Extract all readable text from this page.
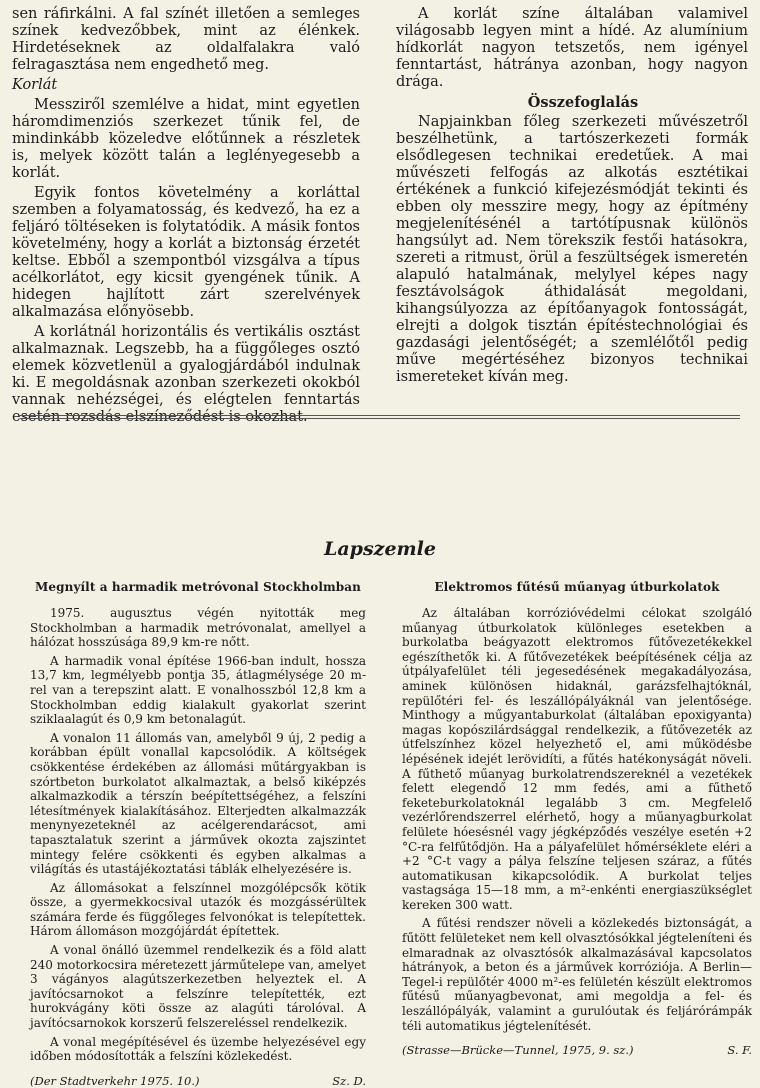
sen ráfirkálni. A fal színét illetően a semleges színek kedvezőbbek, mint az élénkek. Hirdetéseknek az oldalfalakra való felragasztása nem engedhető meg.

Korlát

Messziről szemlélve a hidat, mint egyetlen háromdimenziós szerkezet tűnik fel, de mindinkább közeledve előtűnnek a részletek is, melyek között talán a leglényegesebb a korlát.

Egyik fontos követelmény a korláttal szemben a folyamatosság, és kedvező, ha ez a feljáró töltéseken is folytatódik. A másik fontos követelmény, hogy a korlát a biztonság érzetét keltse. Ebből a szempontból vizsgálva a típus acélkorlátot, egy kicsit gyengének tűnik. A hidegen hajlított zárt szerelvények alkalmazása előnyösebb.

A korlátnál horizontális és vertikális osztást alkalmaznak. Legszebb, ha a függőleges osztó elemek közvetlenül a gyalogjárdából indulnak ki. E megoldásnak azonban szerkezeti okokból vannak nehézségei, és elégtelen fenntartás esetén rozsdás elszíneződést is okozhat.

A korlát színe általában valamivel világosabb legyen mint a hídé. Az alumínium hídkorlát nagyon tetszetős, nem igényel fenntartást, hátránya azonban, hogy nagyon drága.

Összefoglalás

Napjainkban főleg szerkezeti művészetről beszélhetünk, a tartószerkezeti formák elsődlegesen technikai eredetűek. A mai művészeti felfogás az alkotás esztétikai értékének a funkció kifejezésmódját tekinti és ebben oly messzire megy, hogy az építmény megjelenítésénél a tartótípusnak különös hangsúlyt ad. Nem törekszik festői hatásokra, szereti a ritmust, örül a feszültségek ismeretén alapuló hatalmának, melylyel képes nagy fesztávolságok áthidalását megoldani, kihangsúlyozza az építőanyagok fontosságát, elrejti a dolgok tisztán építéstechnológiai és gazdasági jelentőségét; a szemlélőtől pedig műve megértéséhez bizonyos technikai ismereteket kíván meg.

Lapszemle
Megnyílt a harmadik metróvonal Stockholmban

1975. augusztus végén nyitották meg Stockholmban a harmadik metróvonalat, amellyel a hálózat hosszúsága 89,9 km-re nőtt.

A harmadik vonal építése 1966-ban indult, hossza 13,7 km, legmélyebb pontja 35, átlagmélysége 20 m-rel van a terepszint alatt. E vonalhosszból 12,8 km a Stockholmban eddig kialakult gyakorlat szerint sziklaalagút és 0,9 km betonalagút.

A vonalon 11 állomás van, amelyből 9 új, 2 pedig a korábban épült vonallal kapcsolódik. A költségek csökkentése érdekében az állomási műtárgyakban is szórtbeton burkolatot alkalmaztak, a belső kiképzés alkalmazkodik a térszín beépítettségéhez, a felszíni létesítmények kialakításához. Elterjedten alkalmazzák menynyezeteknél az acélgerendarácsot, ami tapasztalatuk szerint a járművek okozta zajszintet mintegy felére csökkenti és egyben alkalmas a világítás és utastájékoztatási táblák elhelyezésére is.

Az állomásokat a felszínnel mozgólépcsők kötik össze, a gyermekkocsival utazók és mozgássérültek számára ferde és függőleges felvonókat is telepítettek. Három állomáson mozgójárdát építettek.

A vonal önálló üzemmel rendelkezik és a föld alatt 240 motorkocsira méretezett járműtelepe van, amelyet 3 vágányos alagútszerkezetben helyeztek el. A javítócsarnokot a felszínre telepítették, ezt hurokvágány köti össze az alagúti tárolóval. A javítócsarnokok korszerű felszereléssel rendelkezik.

A vonal megépítésével és üzembe helyezésével egy időben módosították a felszíni közlekedést.

(Der Stadtverkehr 1975. 10.)	Sz. D.
Elektromos fűtésű műanyag útburkolatok

Az általában korrózióvédelmi célokat szolgáló műanyag útburkolatok különleges esetekben a burkolatba beágyazott elektromos fűtővezetékekkel egészíthetők ki. A fűtővezetékek beépítésének célja az útpályafelület téli jegesedésének megakadályozása, aminek különösen hidaknál, garázsfelhajtóknál, repülőtéri fel- és leszállópályáknál van jelentősége. Minthogy a műgyantaburkolat (általában epoxigyanta) magas kopószilárdsággal rendelkezik, a fűtővezeték az útfelszínhez közel helyezhető el, ami működésbe lépésének idejét lerövidíti, a fűtés hatékonyságát növeli. A fűthető műanyag burkolatrendszereknél a vezetékek felett elegendő 12 mm fedés, ami a fűthető feketeburkolatoknál legalább 3 cm. Megfelelő vezérlőrendszerrel elérhető, hogy a műanyagburkolat felülete hóesésnél vagy jégképződés veszélye esetén +2 °C-ra felfűtődjön. Ha a pályafelület hőmérséklete eléri a +2 °C-t vagy a pálya felszíne teljesen száraz, a fűtés automatikusan kikapcsolódik. A burkolat teljes vastagsága 15—18 mm, a m²-enkénti energiaszükséglet kereken 300 watt.

A fűtési rendszer növeli a közlekedés biztonságát, a fűtött felületeket nem kell olvasztósókkal jégteleníteni és elmaradnak az olvasztósók alkalmazásával kapcsolatos hátrányok, a beton és a járművek korróziója. A Berlin—Tegel-i repülőtér 4000 m²-es felületén készült elektromos fűtésű műanyagbevonat, ami megoldja a fel- és leszállópályák, valamint a gurulóutak és feljárórámpák téli automatikus jégtelenítését.

(Strasse—Brücke—Tunnel, 1975, 9. sz.)	S. F.
